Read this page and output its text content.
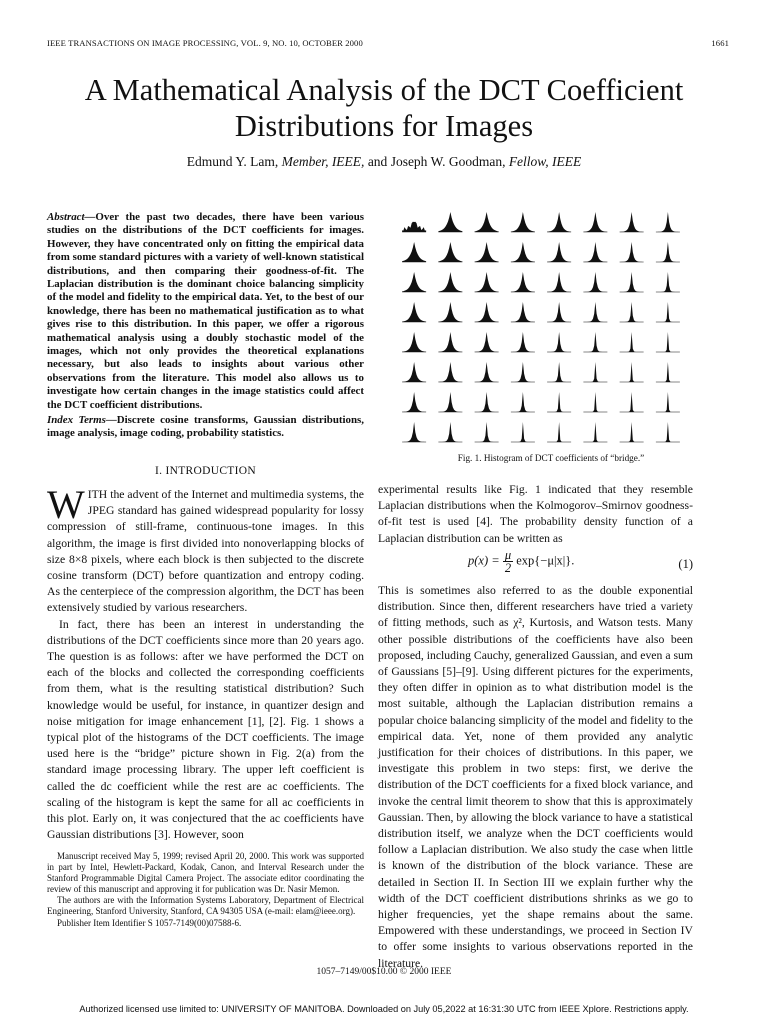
IEEE TRANSACTIONS ON IMAGE PROCESSING, VOL. 9, NO. 10, OCTOBER 2000	1661
A Mathematical Analysis of the DCT Coefficient
Distributions for Images
Edmund Y. Lam, Member, IEEE, and Joseph W. Goodman, Fellow, IEEE
Abstract—Over the past two decades, there have been various studies on the distributions of the DCT coefficients for images. However, they have concentrated only on fitting the empirical data from some standard pictures with a variety of well-known statistical distributions, and then comparing their goodness-of-fit. The Laplacian distribution is the dominant choice balancing simplicity of the model and fidelity to the empirical data. Yet, to the best of our knowledge, there has been no mathematical justification as to what gives rise to this distribution. In this paper, we offer a rigorous mathematical analysis using a doubly stochastic model of the images, which not only provides the theoretical explanations necessary, but also leads to insights about various other observations from the literature. This model also allows us to investigate how certain changes in the image statistics could affect the DCT coefficient distributions.
Index Terms—Discrete cosine transforms, Gaussian distributions, image analysis, image coding, probability statistics.
I. INTRODUCTION

WITH the advent of the Internet and multimedia systems, the JPEG standard has gained widespread popularity for lossy compression of still-frame, continuous-tone images. In this algorithm, the image is first divided into nonoverlapping blocks of size 8×8 pixels, where each block is then subjected to the discrete cosine transform (DCT) before quantization and entropy coding. As the centerpiece of the compression algorithm, the DCT has been extensively studied by various researchers.

In fact, there has been an interest in understanding the distributions of the DCT coefficients since more than 20 years ago. The question is as follows: after we have performed the DCT on each of the blocks and collected the corresponding coefficients from them, what is the resulting statistical distribution? Such knowledge would be useful, for instance, in quantizer design and noise mitigation for image enhancement [1], [2]. Fig. 1 shows a typical plot of the histograms of the DCT coefficients. The image used here is the “bridge” picture shown in Fig. 2(a) from the standard image processing library. The upper left coefficient is called the dc coefficient while the rest are ac coefficients. The scaling of the histogram is kept the same for all ac coefficients in this plot. Early on, it was conjectured that the ac coefficients have Gaussian distributions [3]. However, soon

Manuscript received May 5, 1999; revised April 20, 2000. This work was supported in part by Intel, Hewlett-Packard, Kodak, Canon, and Interval Research under the Stanford Programmable Digital Camera Project. The associate editor coordinating the review of this manuscript and approving it for publication was Dr. Nasir Memon.

The authors are with the Information Systems Laboratory, Department of Electrical Engineering, Stanford University, Stanford, CA 94305 USA (e-mail: elam@ieee.org).

Publisher Item Identifier S 1057-7149(00)07588-6.

Fig. 1. Histogram of DCT coefficients of “bridge.”

experimental results like Fig. 1 indicated that they resemble Laplacian distributions when the Kolmogorov–Smirnov goodness-of-fit test is used [4]. The probability density function of a Laplacian distribution can be written as

$p(x) = \frac{\mu}{2} \exp\{-\mu|x|\}$.	(1)

This is sometimes also referred to as the double exponential distribution. Since then, different researchers have tried a variety of fitting methods, such as χ², Kurtosis, and Watson tests. Many other possible distributions of the coefficients have also been proposed, including Cauchy, generalized Gaussian, and even a sum of Gaussians [5]–[9]. Using different pictures for the experiments, they often differ in opinion as to what distribution model is the most suitable, although the Laplacian distribution remains a popular choice balancing simplicity of the model and fidelity to the empirical data. Yet, none of them provided any analytic justification for their choices of distributions. In this paper, we investigate this problem in two steps: first, we derive the distribution of the DCT coefficients for a fixed block variance, and invoke the central limit theorem to show that this is approximately Gaussian. Then, by allowing the block variance to have a statistical distribution itself, we analyze when the DCT coefficients would follow a Laplacian distribution. We also study the case when little is known of the distribution of the block variance. These are detailed in Section II. In Section III we explain further why the width of the DCT coefficient distributions shrinks as we go to higher frequencies, yet the shape remains about the same. Empowered with these understandings, we proceed in Section IV to offer some insights to various observations reported in the literature.

1057–7149/00$10.00 © 2000 IEEE
Authorized licensed use limited to: UNIVERSITY OF MANITOBA. Downloaded on July 05,2022 at 16:31:30 UTC from IEEE Xplore. Restrictions apply.
